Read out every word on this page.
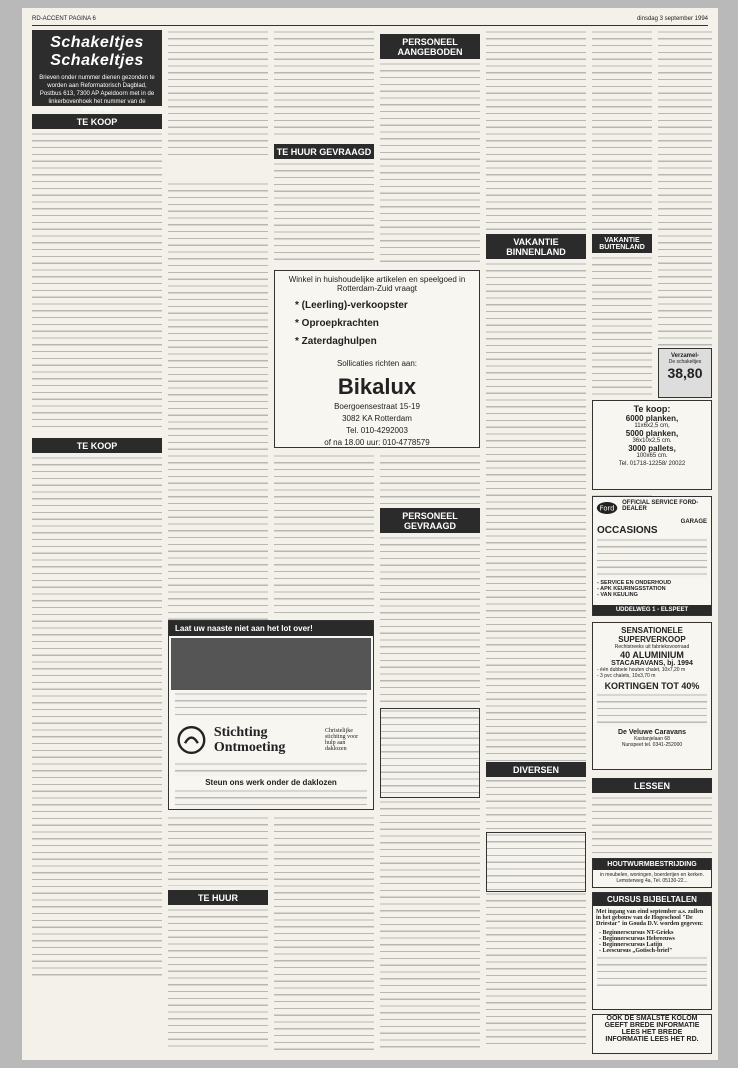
RD-ACCENT PAGINA 6	dinsdag 3 september 1994
Schakeltjes Schakeltjes
Brieven onder nummer dienen gezonden te worden aan Reformatorisch Dagblad, Postbus 613, 7300 AP Apeldoorn met in de linkerbovenhoek het nummer van de advertentie
TE KOOP
TE KOOP
TE HUUR GEVRAAGD
PERSONEEL AANGEBODEN
Winkel in huishoudelijke artikelen en speelgoed in Rotterdam-Zuid vraagt
* (Leerling)-verkoopster
* Oproepkrachten
* Zaterdaghulpen
Sollicaties richten aan:
Bikalux
Boergoensestraat 15-19
3082 KA Rotterdam
Tel. 010-4292003
of na 18.00 uur: 010-4778579
Laat uw naaste niet aan het lot over!
Stichting Ontmoeting
Christelijke stichting voor hulp aan daklozen
Steun ons werk onder de daklozen
TE HUUR
PERSONEEL GEVRAAGD
VAKANTIE BINNENLAND
VAKANTIE BUITENLAND
Verzamel-
De schakeltjes
38,80
Te koop:
6000 planken,
11x6x2,5 cm,
5000 planken,
36x10x2,5 cm.
3000 pallets,
100x65 cm.
Tel. 01718-12258/ 20022
Ford
OFFICIAL SERVICE FORD-DEALER
GARAGE
OCCASIONS
- SERVICE EN ONDERHOUD
- APK KEURINGSSTATION
- VAN KEULING
UDDELWEG 1 - ELSPEET
SENSATIONELE
SUPERVERKOOP
Rechtstreeks uit fabrieksvoorraad
40 ALUMINIUM
STACARAVANS, bj. 1994
- één dubbele houten chalet, 10x7,20 m
- 3 pvc chalets, 10x3,70 m
KORTINGEN TOT 40%
De Veluwe Caravans
Kastanjelaan 68
Nunspeet tel. 0341-252000
LESSEN
HOUTWURMBESTRIJDING
in meubelen, woningen, boerderijen en kerken. Lemsterweg 4a, Tel. 05130-22...
CURSUS BIJBELTALEN
Met ingang van eind september a.s. zullen in het gebouw van de Hogeschool "De Driestar" in Gouda D.V. worden gegeven:
- Beginnerscursus NT-Grieks
- Beginnerscursus Hebreeuws
- Beginnerscursus Latijn
- Leescursus „Gotisch-brief"
OOK DE SMALSTE KOLOM
GEEFT BREDE INFORMATIE
LEES HET BREDE
INFORMATIE LEES HET RD.
DIVERSEN
